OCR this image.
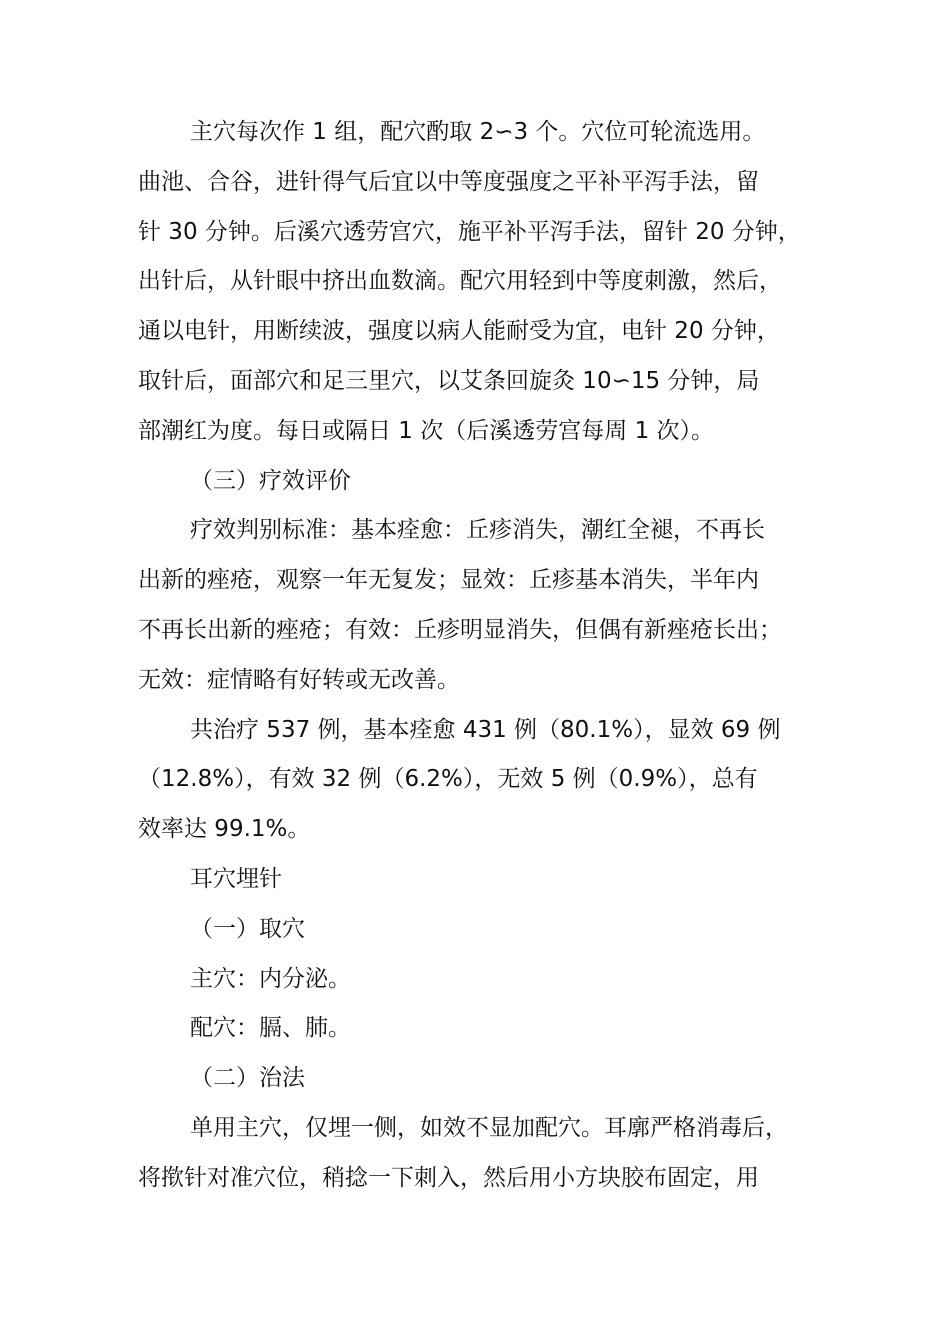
主穴每次作 1 组，配穴酌取 2∽3 个。穴位可轮流选用。
曲池、合谷，进针得气后宜以中等度强度之平补平泻手法，留
针 30 分钟。后溪穴透劳宫穴，施平补平泻手法，留针 20 分钟，
出针后，从针眼中挤出血数滴。配穴用轻到中等度刺激，然后，
通以电针，用断续波，强度以病人能耐受为宜，电针 20 分钟，
取针后，面部穴和足三里穴，以艾条回旋灸 10∽15 分钟，局
部潮红为度。每日或隔日 1 次（后溪透劳宫每周 1 次）。
（三）疗效评价
疗效判别标准：基本痊愈：丘疹消失，潮红全褪，不再长
出新的痤疮，观察一年无复发；显效：丘疹基本消失，半年内
不再长出新的痤疮；有效：丘疹明显消失，但偶有新痤疮长出；
无效：症情略有好转或无改善。
共治疗 537 例，基本痊愈 431 例（80.1%），显效 69 例
（12.8%），有效 32 例（6.2%），无效 5 例（0.9%），总有
效率达 99.1%。
耳穴埋针
（一）取穴
主穴：内分泌。
配穴：膈、肺。
（二）治法
单用主穴，仅埋一侧，如效不显加配穴。耳廓严格消毒后，
将揿针对准穴位，稍捻一下刺入，然后用小方块胶布固定，用
